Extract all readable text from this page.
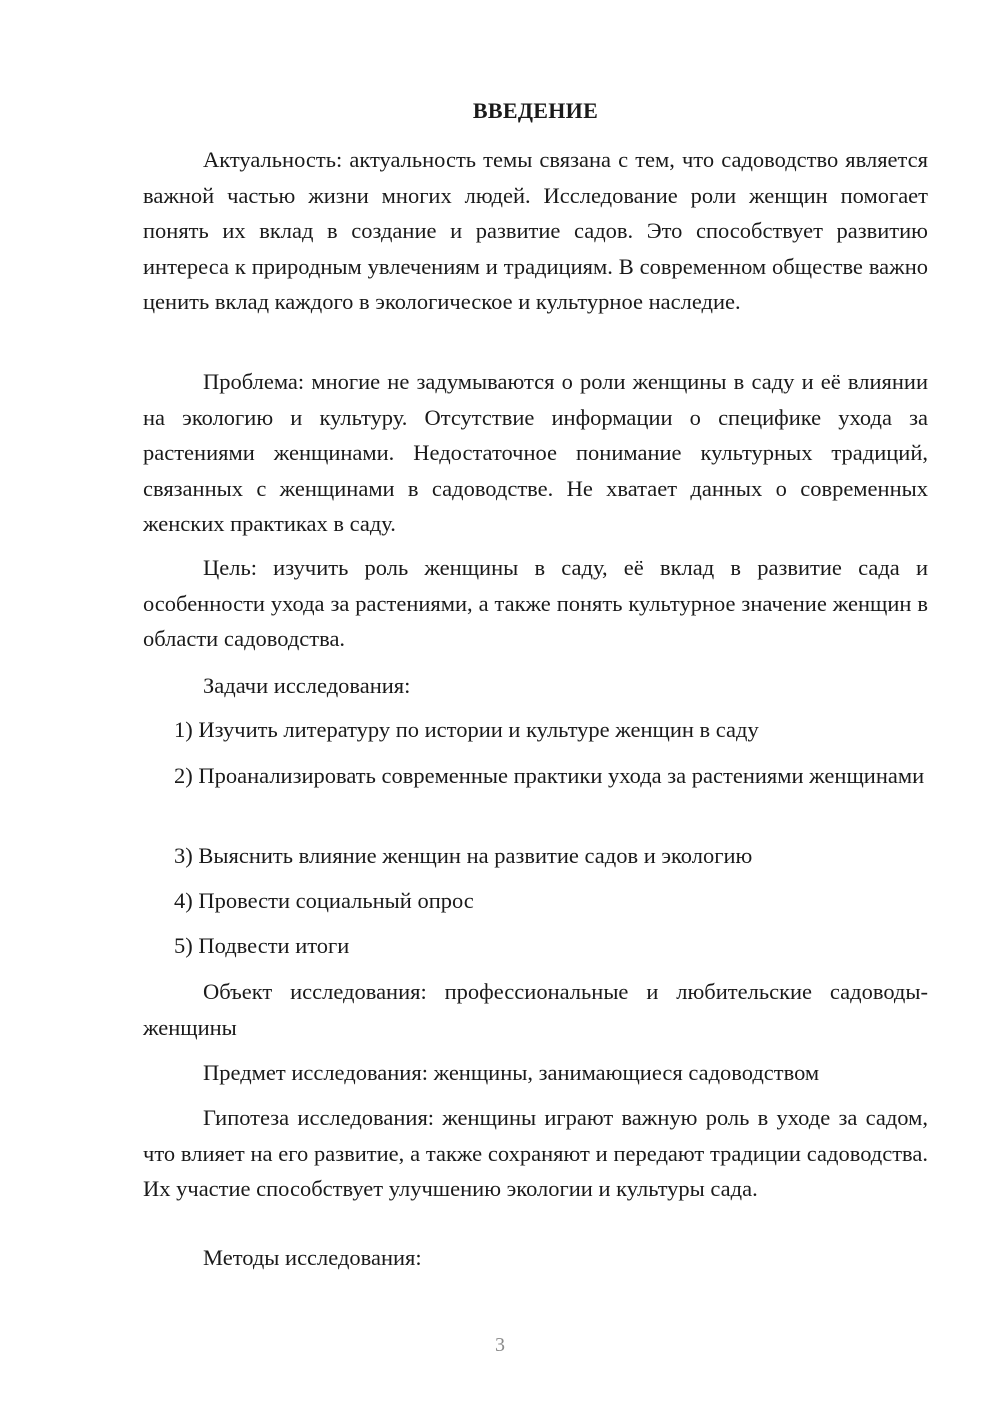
ВВЕДЕНИЕ
Актуальность: актуальность темы связана с тем, что садоводство является важной частью жизни многих людей. Исследование роли женщин помогает понять их вклад в создание и развитие садов. Это способствует развитию интереса к природным увлечениям и традициям. В современном обществе важно ценить вклад каждого в экологическое и культурное наследие.
Проблема: многие не задумываются о роли женщины в саду и её влиянии на экологию и культуру. Отсутствие информации о специфике ухода за растениями женщинами. Недостаточное понимание культурных традиций, связанных с женщинами в садоводстве. Не хватает данных о современных женских практиках в саду.
Цель: изучить роль женщины в саду, её вклад в развитие сада и особенности ухода за растениями, а также понять культурное значение женщин в области садоводства.
Задачи исследования:
1) Изучить литературу по истории и культуре женщин в саду
2) Проанализировать современные практики ухода за растениями женщинами
3) Выяснить влияние женщин на развитие садов и экологию
4) Провести социальный опрос
5) Подвести итоги
Объект исследования: профессиональные и любительские садоводы-женщины
Предмет исследования: женщины, занимающиеся садоводством
Гипотеза исследования: женщины играют важную роль в уходе за садом, что влияет на его развитие, а также сохраняют и передают традиции садоводства. Их участие способствует улучшению экологии и культуры сада.
Методы исследования:
3
